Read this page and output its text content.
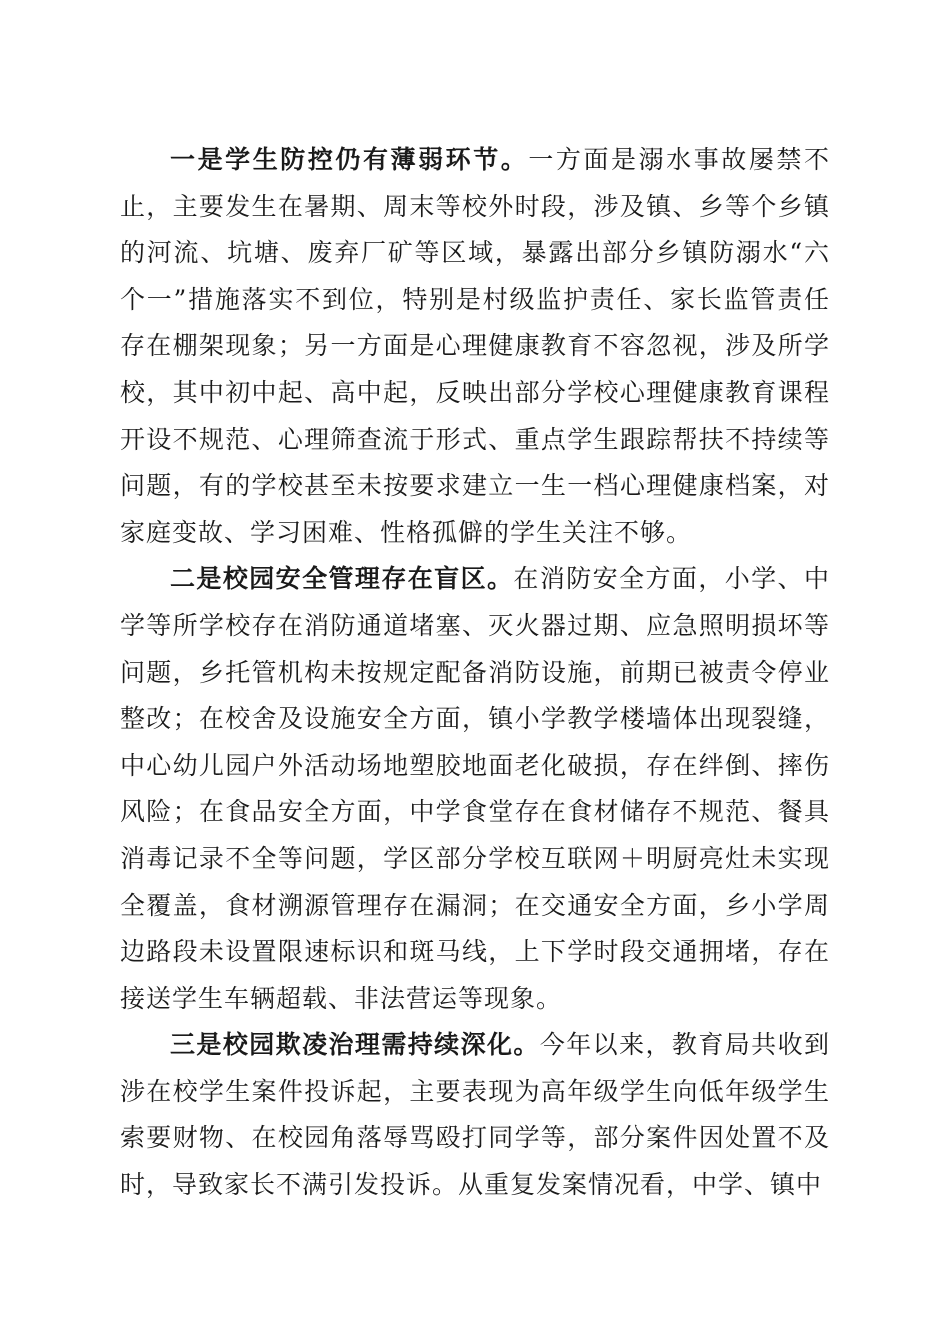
一是学生防控仍有薄弱环节。一方面是溺水事故屡禁不止，主要发生在暑期、周末等校外时段，涉及镇、乡等个乡镇的河流、坑塘、废弃厂矿等区域，暴露出部分乡镇防溺水“六个一”措施落实不到位，特别是村级监护责任、家长监管责任存在棚架现象；另一方面是心理健康教育不容忽视，涉及所学校，其中初中起、高中起，反映出部分学校心理健康教育课程开设不规范、心理筛查流于形式、重点学生跟踪帮扶不持续等问题，有的学校甚至未按要求建立一生一档心理健康档案，对家庭变故、学习困难、性格孤僻的学生关注不够。

二是校园安全管理存在盲区。在消防安全方面，小学、中学等所学校存在消防通道堵塞、灭火器过期、应急照明损坏等问题，乡托管机构未按规定配备消防设施，前期已被责令停业整改；在校舍及设施安全方面，镇小学教学楼墙体出现裂缝，中心幼儿园户外活动场地塑胶地面老化破损，存在绊倒、摔伤风险；在食品安全方面，中学食堂存在食材储存不规范、餐具消毒记录不全等问题，学区部分学校互联网＋明厨亮灶未实现全覆盖，食材溯源管理存在漏洞；在交通安全方面，乡小学周边路段未设置限速标识和斑马线，上下学时段交通拥堵，存在接送学生车辆超载、非法营运等现象。

三是校园欺凌治理需持续深化。今年以来，教育局共收到涉在校学生案件投诉起，主要表现为高年级学生向低年级学生索要财物、在校园角落辱骂殴打同学等，部分案件因处置不及时，导致家长不满引发投诉。从重复发案情况看，中学、镇中
